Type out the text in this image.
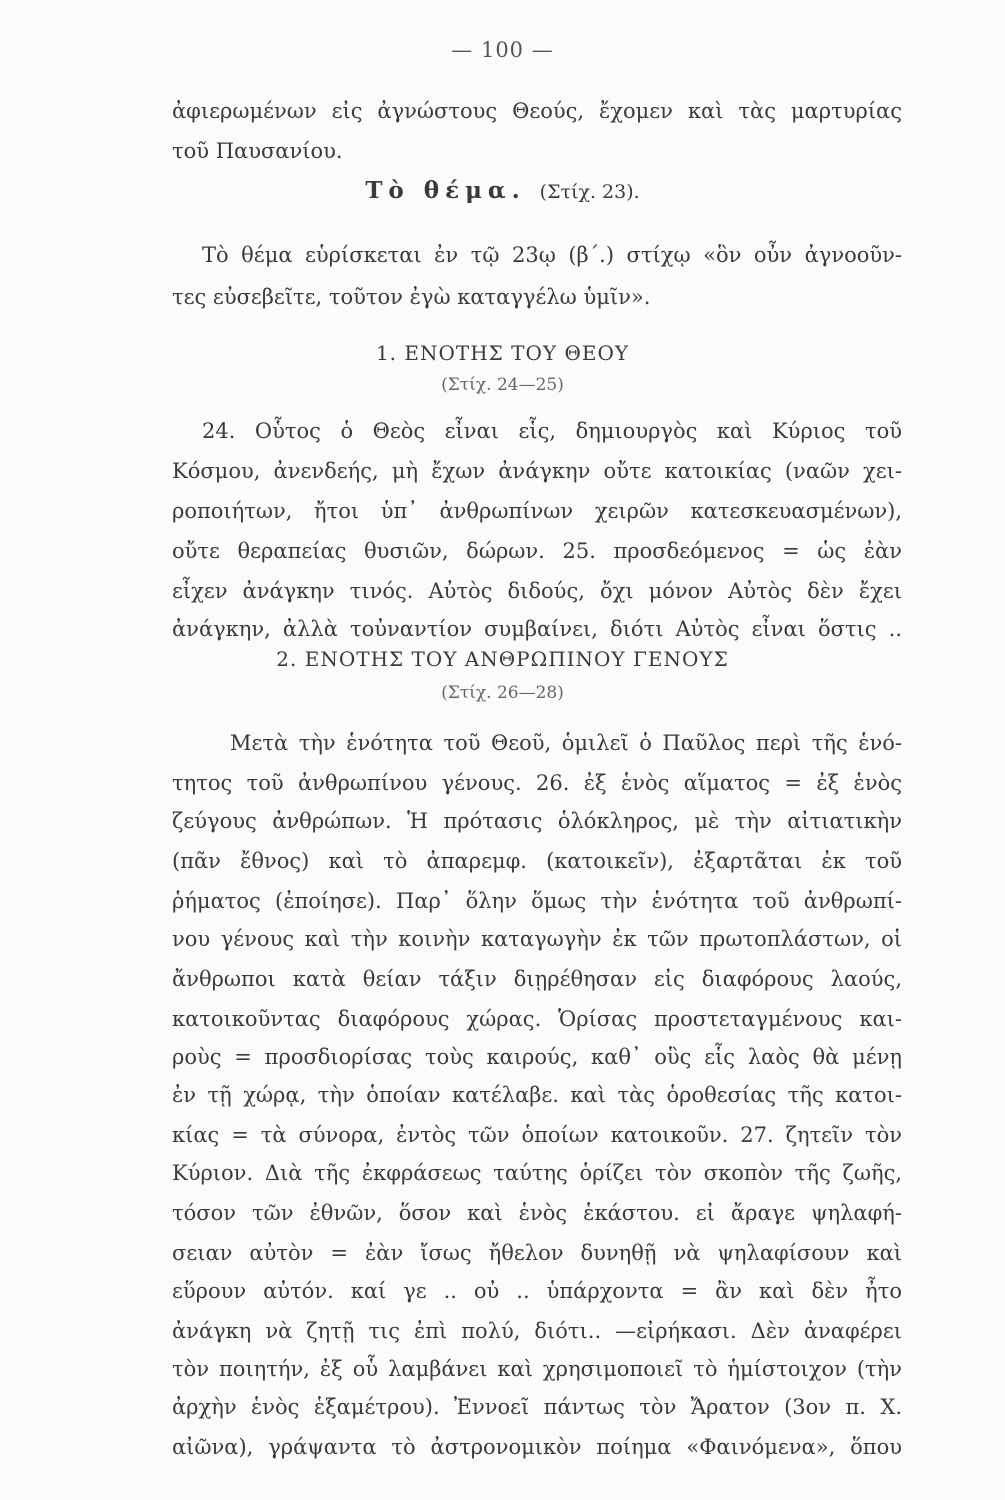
— 100 —
ἀφιερωμένων εἰς ἀγνώστους Θεούς, ἔχομεν καὶ τὰς μαρτυρίας
τοῦ Παυσανίου.
Τὸ θέμα. (Στίχ. 23).
Τὸ θέμα εὑρίσκεται ἐν τῷ 23ῳ (β΄.) στίχῳ «ὃν οὖν ἀγνοοῦν-
τες εὐσεβεῖτε, τοῦτον ἐγὼ καταγγέλω ὑμῖν».
1. ΕΝΟΤΗΣ ΤΟΥ ΘΕΟΥ
(Στίχ. 24—25)
24. Οὗτος ὁ Θεὸς εἶναι εἷς, δημιουργὸς καὶ Κύριος τοῦ
Κόσμου, ἀνενδεής, μὴ ἔχων ἀνάγκην οὔτε κατοικίας (ναῶν χει-
ροποιήτων, ἤτοι ὑπ᾽ ἀνθρωπίνων χειρῶν κατεσκευασμένων),
οὔτε θεραπείας θυσιῶν, δώρων. 25. προσδεόμενος = ὡς ἐὰν
εἶχεν ἀνάγκην τινός. Αὐτὸς διδούς, ὄχι μόνον Αὐτὸς δὲν ἔχει
ἀνάγκην, ἀλλὰ τοὐναντίον συμβαίνει, διότι Αὐτὸς εἶναι ὅστις ..
2. ΕΝΟΤΗΣ ΤΟΥ ΑΝΘΡΩΠΙΝΟΥ ΓΕΝΟΥΣ
(Στίχ. 26—28)
Μετὰ τὴν ἑνότητα τοῦ Θεοῦ, ὁμιλεῖ ὁ Παῦλος περὶ τῆς ἑνό-
τητος τοῦ ἀνθρωπίνου γένους. 26. ἐξ ἑνὸς αἵματος = ἐξ ἑνὸς
ζεύγους ἀνθρώπων. Ἡ πρότασις ὁλόκληρος, μὲ τὴν αἰτιατικὴν
(πᾶν ἔθνος) καὶ τὸ ἀπαρεμφ. (κατοικεῖν), ἐξαρτᾶται ἐκ τοῦ
ῥήματος (ἐποίησε). Παρ᾽ ὅλην ὅμως τὴν ἑνότητα τοῦ ἀνθρωπί-
νου γένους καὶ τὴν κοινὴν καταγωγὴν ἐκ τῶν πρωτοπλάστων, οἱ
ἄνθρωποι κατὰ θείαν τάξιν διῃρέθησαν εἰς διαφόρους λαούς,
κατοικοῦντας διαφόρους χώρας. Ὁρίσας προστεταγμένους και-
ροὺς = προσδιορίσας τοὺς καιρούς, καθ᾽ οὓς εἷς λαὸς θὰ μένῃ
ἐν τῇ χώρᾳ, τὴν ὁποίαν κατέλαβε. καὶ τὰς ὁροθεσίας τῆς κατοι-
κίας = τὰ σύνορα, ἐντὸς τῶν ὁποίων κατοικοῦν. 27. ζητεῖν τὸν
Κύριον. Διὰ τῆς ἐκφράσεως ταύτης ὁρίζει τὸν σκοπὸν τῆς ζωῆς,
τόσον τῶν ἐθνῶν, ὅσον καὶ ἑνὸς ἑκάστου. εἰ ἄραγε ψηλαφή-
σειαν αὐτὸν = ἐὰν ἴσως ἤθελον δυνηθῇ νὰ ψηλαφίσουν καὶ
εὕρουν αὐτόν. καί γε .. οὐ .. ὑπάρχοντα = ἂν καὶ δὲν ἦτο
ἀνάγκη νὰ ζητῇ τις ἐπὶ πολύ, διότι.. —εἰρήκασι. Δὲν ἀναφέρει
τὸν ποιητήν, ἐξ οὗ λαμβάνει καὶ χρησιμοποιεῖ τὸ ἡμίστοιχον (τὴν
ἀρχὴν ἑνὸς ἑξαμέτρου). Ἐννοεῖ πάντως τὸν Ἄρατον (3ον π. Χ.
αἰῶνα), γράψαντα τὸ ἀστρονομικὸν ποίημα «Φαινόμενα», ὅπου
